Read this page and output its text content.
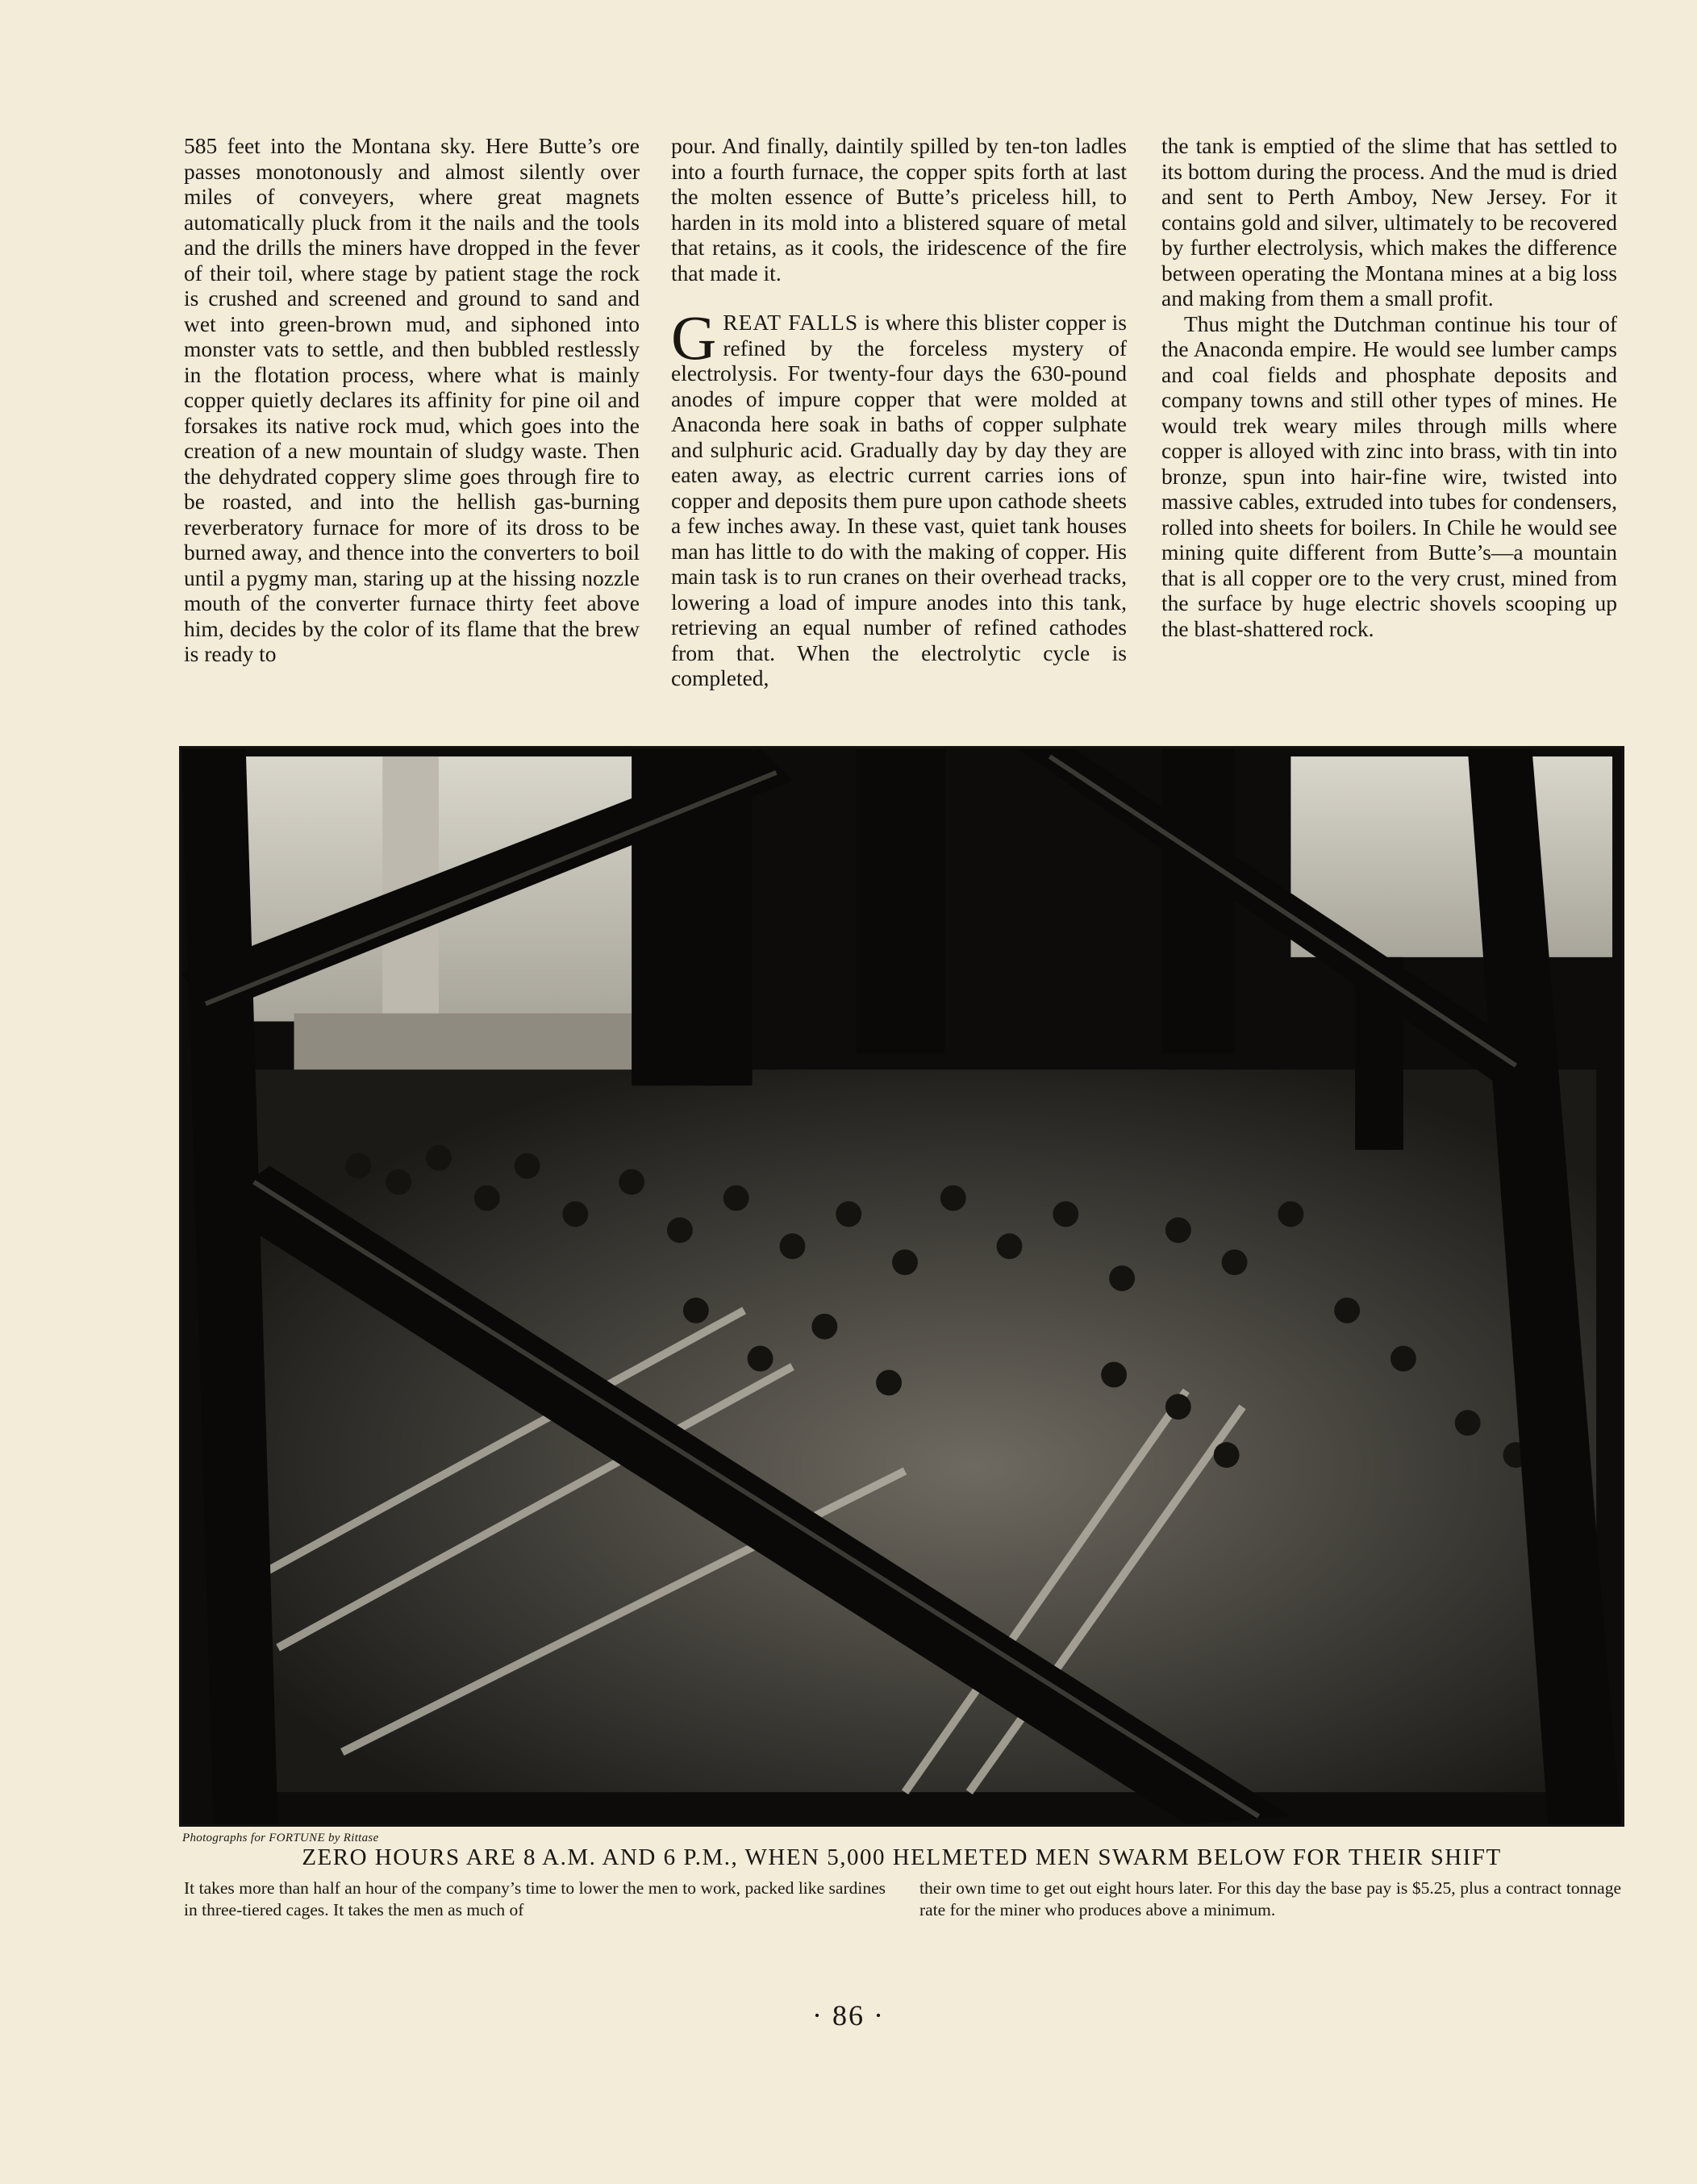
585 feet into the Montana sky. Here Butte’s ore passes monotonously and almost silently over miles of conveyers, where great magnets automatically pluck from it the nails and the tools and the drills the miners have dropped in the fever of their toil, where stage by patient stage the rock is crushed and screened and ground to sand and wet into green-brown mud, and siphoned into monster vats to settle, and then bubbled restlessly in the flotation process, where what is mainly copper quietly declares its affinity for pine oil and forsakes its native rock mud, which goes into the creation of a new mountain of sludgy waste. Then the dehydrated coppery slime goes through fire to be roasted, and into the hellish gas-burning reverberatory furnace for more of its dross to be burned away, and thence into the converters to boil until a pygmy man, staring up at the hissing nozzle mouth of the converter furnace thirty feet above him, decides by the color of its flame that the brew is ready to

pour. And finally, daintily spilled by ten-ton ladles into a fourth furnace, the copper spits forth at last the molten essence of Butte’s priceless hill, to harden in its mold into a blistered square of metal that retains, as it cools, the iridescence of the fire that made it.

GREAT FALLS is where this blister copper is refined by the forceless mystery of electrolysis. For twenty-four days the 630-pound anodes of impure copper that were molded at Anaconda here soak in baths of copper sulphate and sulphuric acid. Gradually day by day they are eaten away, as electric current carries ions of copper and deposits them pure upon cathode sheets a few inches away. In these vast, quiet tank houses man has little to do with the making of copper. His main task is to run cranes on their overhead tracks, lowering a load of impure anodes into this tank, retrieving an equal number of refined cathodes from that. When the electrolytic cycle is completed,

the tank is emptied of the slime that has settled to its bottom during the process. And the mud is dried and sent to Perth Amboy, New Jersey. For it contains gold and silver, ultimately to be recovered by further electrolysis, which makes the difference between operating the Montana mines at a big loss and making from them a small profit.

Thus might the Dutchman continue his tour of the Anaconda empire. He would see lumber camps and coal fields and phosphate deposits and company towns and still other types of mines. He would trek weary miles through mills where copper is alloyed with zinc into brass, with tin into bronze, spun into hair-fine wire, twisted into massive cables, extruded into tubes for condensers, rolled into sheets for boilers. In Chile he would see mining quite different from Butte’s—a mountain that is all copper ore to the very crust, mined from the surface by huge electric shovels scooping up the blast-shattered rock.

Photographs for FORTUNE by Rittase
ZERO HOURS ARE 8 A.M. AND 6 P.M., WHEN 5,000 HELMETED MEN SWARM BELOW FOR THEIR SHIFT
It takes more than half an hour of the company’s time to lower the men to work, packed like sardines in three-tiered cages. It takes the men as much of
their own time to get out eight hours later. For this day the base pay is $5.25, plus a contract tonnage rate for the miner who produces above a minimum.
· 86 ·
